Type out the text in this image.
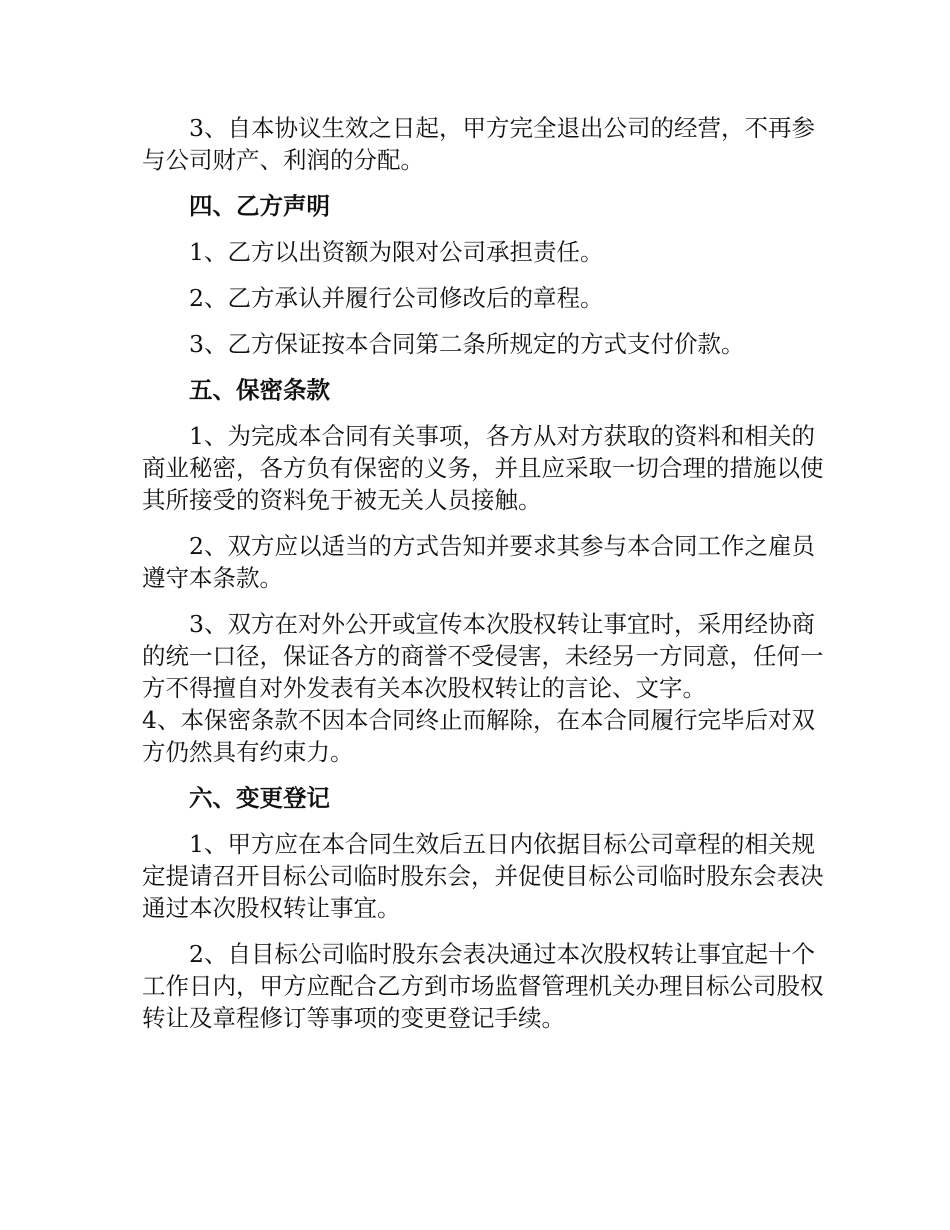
3、自本协议生效之日起，甲方完全退出公司的经营，不再参与公司财产、利润的分配。

四、乙方声明

1、乙方以出资额为限对公司承担责任。

2、乙方承认并履行公司修改后的章程。

3、乙方保证按本合同第二条所规定的方式支付价款。

五、保密条款

1、为完成本合同有关事项，各方从对方获取的资料和相关的商业秘密，各方负有保密的义务，并且应采取一切合理的措施以使其所接受的资料免于被无关人员接触。

2、双方应以适当的方式告知并要求其参与本合同工作之雇员遵守本条款。

3、双方在对外公开或宣传本次股权转让事宜时，采用经协商的统一口径，保证各方的商誉不受侵害，未经另一方同意，任何一方不得擅自对外发表有关本次股权转让的言论、文字。

4、本保密条款不因本合同终止而解除，在本合同履行完毕后对双方仍然具有约束力。

六、变更登记

1、甲方应在本合同生效后五日内依据目标公司章程的相关规定提请召开目标公司临时股东会，并促使目标公司临时股东会表决通过本次股权转让事宜。

2、自目标公司临时股东会表决通过本次股权转让事宜起十个工作日内，甲方应配合乙方到市场监督管理机关办理目标公司股权转让及章程修订等事项的变更登记手续。
